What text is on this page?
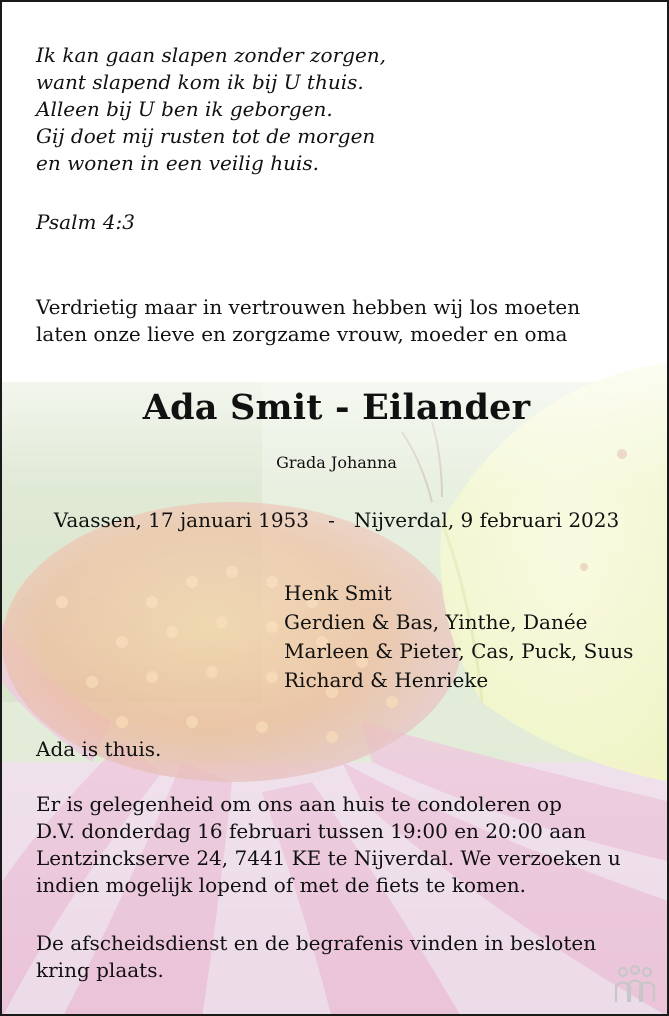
Ik kan gaan slapen zonder zorgen,
want slapend kom ik bij U thuis.
Alleen bij U ben ik geborgen.
Gij doet mij rusten tot de morgen
en wonen in een veilig huis.
Psalm 4:3
Verdrietig maar in vertrouwen hebben wij los moeten
laten onze lieve en zorgzame vrouw, moeder en oma
Ada Smit - Eilander
Grada Johanna
Vaassen, 17 januari 1953   -   Nijverdal, 9 februari 2023
Henk Smit
Gerdien & Bas, Yinthe, Danée
Marleen & Pieter, Cas, Puck, Suus
Richard & Henrieke
Ada is thuis.
Er is gelegenheid om ons aan huis te condoleren op
D.V. donderdag 16 februari tussen 19:00 en 20:00 aan
Lentzinckserve 24, 7441 KE te Nijverdal. We verzoeken u
indien mogelijk lopend of met de fiets te komen.
De afscheidsdienst en de begrafenis vinden in besloten
kring plaats.
